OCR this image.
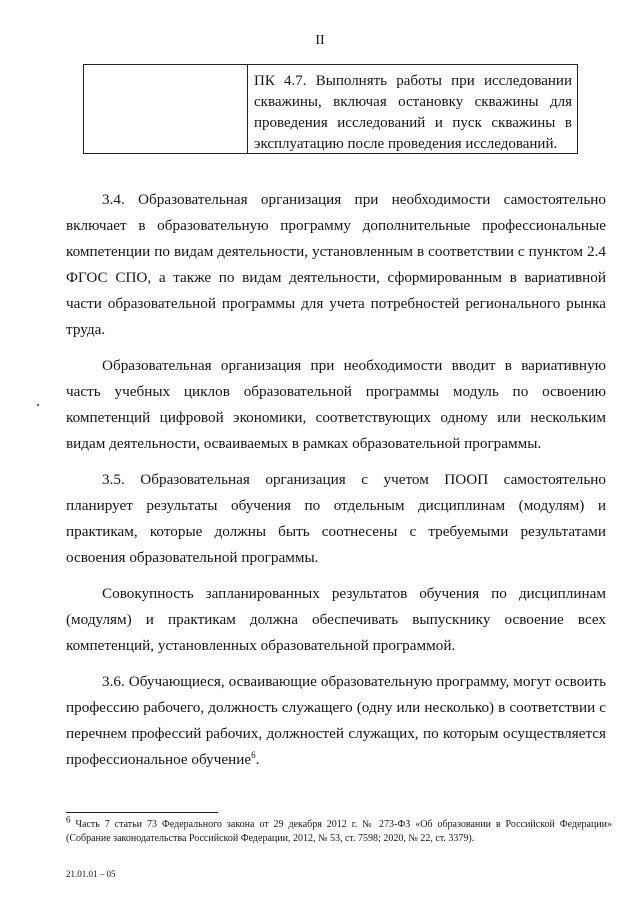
II
ПК 4.7. Выполнять работы при исследовании скважины, включая остановку скважины для проведения исследований и пуск скважины в эксплуатацию после проведения исследований.

3.4. Образовательная организация при необходимости самостоятельно включает в образовательную программу дополнительные профессиональные компетенции по видам деятельности, установленным в соответствии с пунктом 2.4 ФГОС СПО, а также по видам деятельности, сформированным в вариативной части образовательной программы для учета потребностей регионального рынка труда.

Образовательная организация при необходимости вводит в вариативную часть учебных циклов образовательной программы модуль по освоению компетенций цифровой экономики, соответствующих одному или нескольким видам деятельности, осваиваемых в рамках образовательной программы.

3.5. Образовательная организация с учетом ПООП самостоятельно планирует результаты обучения по отдельным дисциплинам (модулям) и практикам, которые должны быть соотнесены с требуемыми результатами освоения образовательной программы.

Совокупность запланированных результатов обучения по дисциплинам (модулям) и практикам должна обеспечивать выпускнику освоение всех компетенций, установленных образовательной программой.

3.6. Обучающиеся, осваивающие образовательную программу, могут освоить профессию рабочего, должность служащего (одну или несколько) в соответствии с перечнем профессий рабочих, должностей служащих, по которым осуществляется профессиональное обучение$^6$.

$^6$ Часть 7 статьи 73 Федерального закона от 29 декабря 2012 г. № 273-ФЗ «Об образовании в Российской Федерации» (Собрание законодательства Российской Федерации, 2012, № 53, ст. 7598; 2020, № 22, ст. 3379).
21.01.01 – 05
